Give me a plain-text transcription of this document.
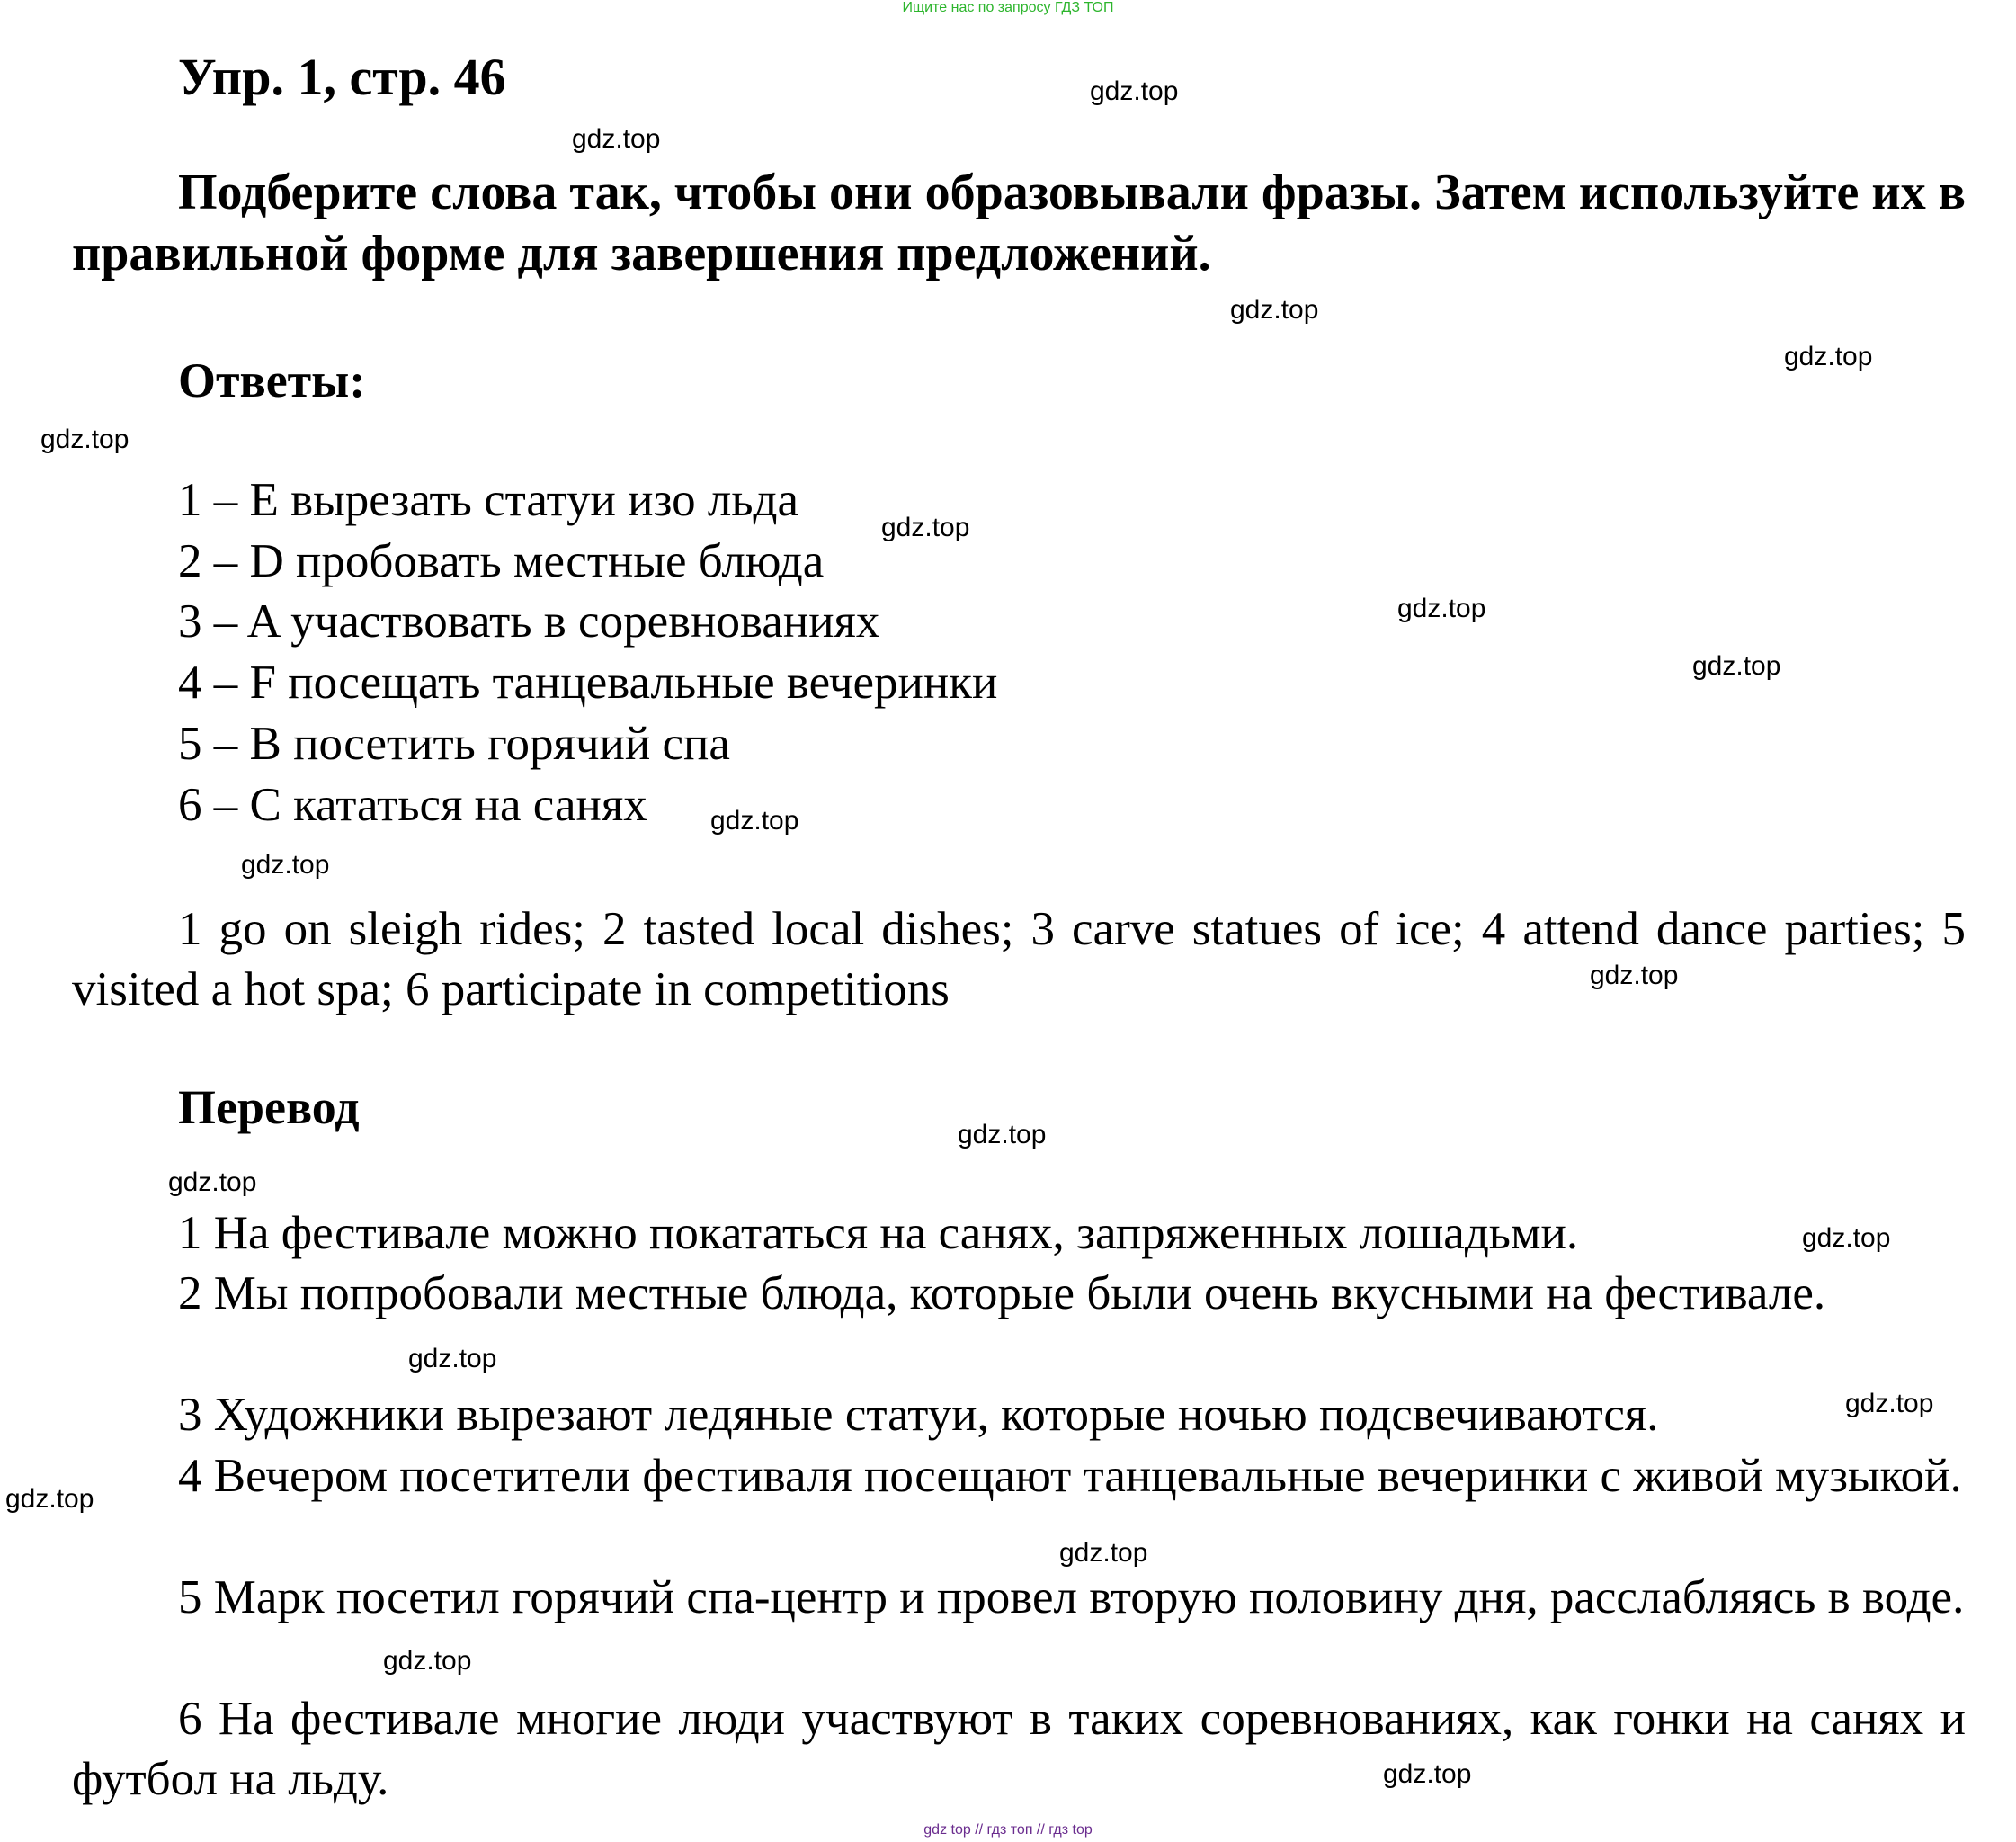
Ищите нас по запросу ГДЗ ТОП
Упр. 1, стр. 46
Подберите слова так, чтобы они образовывали фразы. Затем используйте их в правильной форме для завершения предложений.
Ответы:
1 – E вырезать статуи изо льда
2 – D пробовать местные блюда
3 – A участвовать в соревнованиях
4 – F посещать танцевальные вечеринки
5 – B посетить горячий спа
6 – C кататься на санях
1 go on sleigh rides; 2 tasted local dishes; 3 carve statues of ice; 4 attend dance parties; 5 visited a hot spa; 6 participate in competitions
Перевод
1 На фестивале можно покататься на санях, запряженных лошадьми.
2 Мы попробовали местные блюда, которые были очень вкусными на фестивале.
3 Художники вырезают ледяные статуи, которые ночью подсвечиваются.
4 Вечером посетители фестиваля посещают танцевальные вечеринки с живой музыкой.
5 Марк посетил горячий спа-центр и провел вторую половину дня, расслабляясь в воде.
6 На фестивале многие люди участвуют в таких соревнованиях, как гонки на санях и футбол на льду.
gdz.top
gdz.top
gdz.top
gdz.top
gdz.top
gdz.top
gdz.top
gdz.top
gdz.top
gdz.top
gdz.top
gdz.top
gdz.top
gdz.top
gdz.top
gdz.top
gdz.top
gdz.top
gdz.top
gdz.top
gdz top // гдз топ // гдз top
